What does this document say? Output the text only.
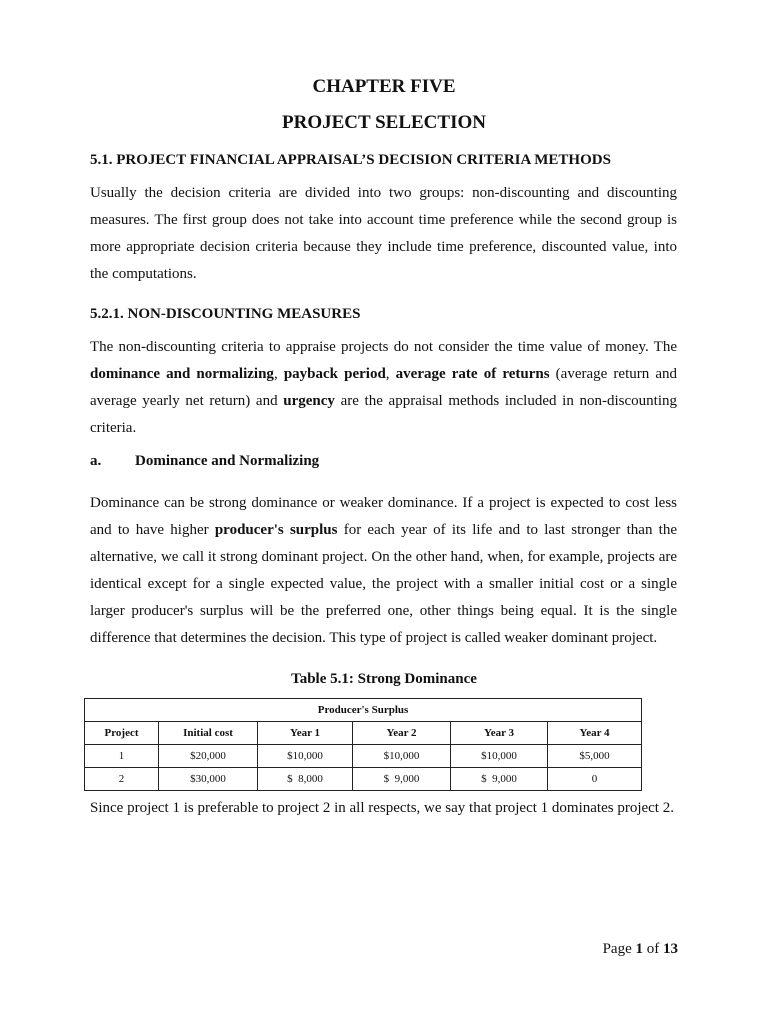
CHAPTER FIVE
PROJECT SELECTION
5.1. PROJECT FINANCIAL APPRAISAL’S DECISION CRITERIA METHODS

Usually the decision criteria are divided into two groups: non-discounting and discounting measures. The first group does not take into account time preference while the second group is more appropriate decision criteria because they include time preference, discounted value, into the computations.

5.2.1. NON-DISCOUNTING MEASURES

The non-discounting criteria to appraise projects do not consider the time value of money. The dominance and normalizing, payback period, average rate of returns (average return and average yearly net return) and urgency are the appraisal methods included in non-discounting criteria.

a. Dominance and Normalizing

Dominance can be strong dominance or weaker dominance. If a project is expected to cost less and to have higher producer's surplus for each year of its life and to last stronger than the alternative, we call it strong dominant project. On the other hand, when, for example, projects are identical except for a single expected value, the project with a smaller initial cost or a single larger producer's surplus will be the preferred one, other things being equal. It is the single difference that determines the decision. This type of project is called weaker dominant project.

Table 5.1: Strong Dominance
Producer's Surplus					
Project	Initial cost	Year 1	Year 2	Year 3	Year 4
1	$20,000	$10,000	$10,000	$10,000	$5,000
2	$30,000	$  8,000	$  9,000	$  9,000	0

Since project 1 is preferable to project 2 in all respects, we say that project 1 dominates project 2.

Page 1 of 13
